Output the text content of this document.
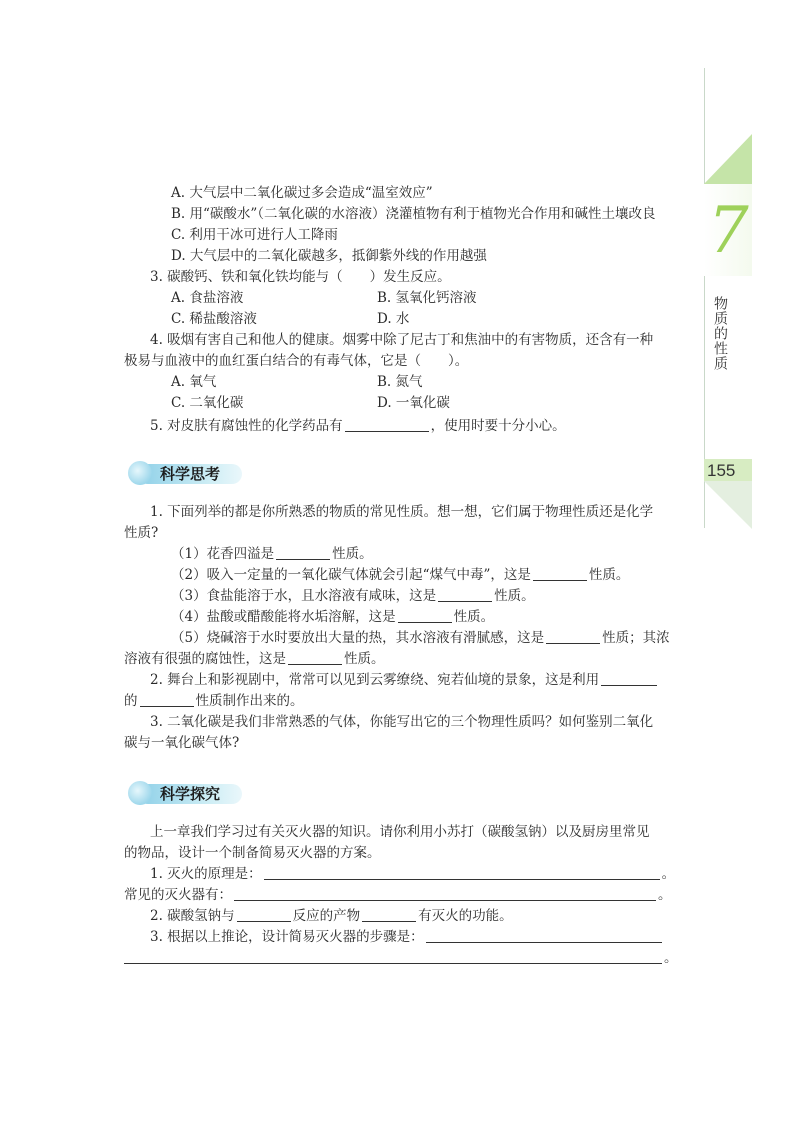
7
物质的性质
155
A. 大气层中二氧化碳过多会造成“温室效应”
B. 用“碳酸水”（二氧化碳的水溶液）浇灌植物有利于植物光合作用和碱性土壤改良
C. 利用干冰可进行人工降雨
D. 大气层中的二氧化碳越多，抵御紫外线的作用越强
3. 碳酸钙、铁和氧化铁均能与（　　）发生反应。
A. 食盐溶液	B. 氢氧化钙溶液
C. 稀盐酸溶液	D. 水
4. 吸烟有害自己和他人的健康。烟雾中除了尼古丁和焦油中的有害物质，还含有一种
极易与血液中的血红蛋白结合的有毒气体，它是（　　）。
A. 氧气	B. 氮气
C. 二氧化碳	D. 一氧化碳
5. 对皮肤有腐蚀性的化学药品有	，使用时要十分小心。
科学思考
1. 下面列举的都是你所熟悉的物质的常见性质。想一想，它们属于物理性质还是化学
性质?
（1）花香四溢是	性质。
（2）吸入一定量的一氧化碳气体就会引起“煤气中毒”，这是	性质。
（3）食盐能溶于水，且水溶液有咸味，这是	性质。
（4）盐酸或醋酸能将水垢溶解，这是	性质。
（5）烧碱溶于水时要放出大量的热，其水溶液有滑腻感，这是	性质；其浓
溶液有很强的腐蚀性，这是	性质。
2. 舞台上和影视剧中，常常可以见到云雾缭绕、宛若仙境的景象，这是利用
的	性质制作出来的。
3. 二氧化碳是我们非常熟悉的气体，你能写出它的三个物理性质吗？如何鉴别二氧化
碳与一氧化碳气体?
科学探究
上一章我们学习过有关灭火器的知识。请你利用小苏打（碳酸氢钠）以及厨房里常见
的物品，设计一个制备简易灭火器的方案。
1. 灭火的原理是：	。
常见的灭火器有：	。
2. 碳酸氢钠与	反应的产物	有灭火的功能。
3. 根据以上推论，设计简易灭火器的步骤是：
。
